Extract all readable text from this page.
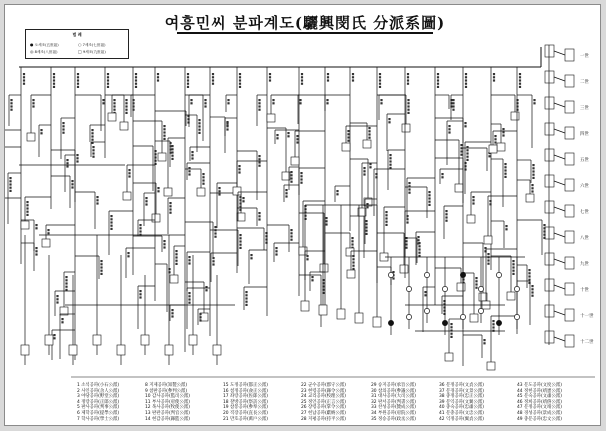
여흥민씨 분파계도(驪興閔氏 分派系圖)
범 례
● 오세조(五世祖)	○ 7세조(七世祖)
◎ 8세조(八世祖)	□ 9세조(九世祖)
一世
二世
三世
四世
五世
六世
七世
八世
九世
十世
十一世
十二世
1 소석공파(小石公派)
2 사인공파(舍人公派)
3 야당공파(野堂公派)
4 정랑공파(正郞公派)
5 판사공파(判事公派)
6 제학공파(提學公派)
7 학사공파(學士公派)
8 지제공파(知製公派)
9 참판공파(參判公派)
10 감사공파(監司公派)
11 부사공파(府使公派)
12 목사공파(牧使公派)
13 판관공파(判官公派)
14 현감공파(縣監公派)
15 도정공파(都正公派)
16 첨정공파(僉正公派)
17 좌랑공파(佐郞公派)
18 찰방공파(察訪公派)
19 참봉공파(參奉公派)
20 직장공파(直長公派)
21 만호공파(萬戶公派)
22 군수공파(郡守公派)
23 현령공파(縣令公派)
24 교리공파(校理公派)
25 정언공파(正言公派)
26 장령공파(掌令公派)
27 헌납공파(獻納公派)
28 지평공파(持平公派)
29 승지공파(承旨公派)
30 참의공파(參議公派)
31 대사공파(大司公派)
32 판서공파(判書公派)
33 찬성공파(贊成公派)
34 부원공파(府院公派)
35 정승공파(政丞公派)
36 문정공파(文貞公派)
37 문경공파(文景公派)
38 충정공파(忠正公派)
39 문익공파(文翼公派)
40 충숙공파(忠肅公派)
41 문충공파(文忠公派)
42 익정공파(翼貞公派)
43 문도공파(文度公派)
44 정헌공파(靖憲公派)
45 문숙공파(文肅公派)
46 정희공파(靖僖公派)
47 문정공파(文靖公派)
48 경성공파(景成公派)
49 충문공파(忠文公派)
